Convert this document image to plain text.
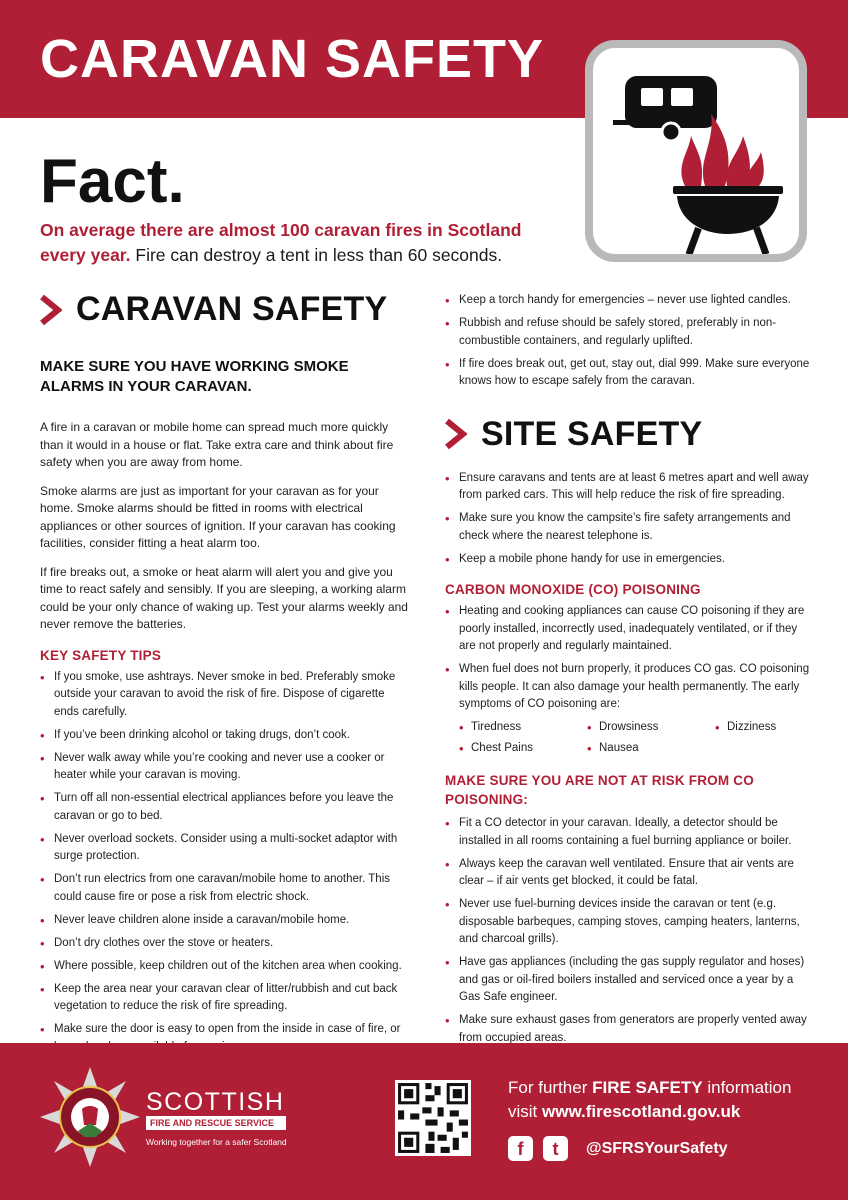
CARAVAN SAFETY
Fact.
On average there are almost 100 caravan fires in Scotland every year. Fire can destroy a tent in less than 60 seconds.
CARAVAN SAFETY
MAKE SURE YOU HAVE WORKING SMOKE ALARMS IN YOUR CARAVAN.

A fire in a caravan or mobile home can spread much more quickly than it would in a house or flat. Take extra care and think about fire safety when you are away from home.

Smoke alarms are just as important for your caravan as for your home. Smoke alarms should be fitted in rooms with electrical appliances or other sources of ignition. If your caravan has cooking facilities, consider fitting a heat alarm too.

If fire breaks out, a smoke or heat alarm will alert you and give you time to react safely and sensibly. If you are sleeping, a working alarm could be your only chance of waking up. Test your alarms weekly and never remove the batteries.

KEY SAFETY TIPS
• If you smoke, use ashtrays. Never smoke in bed. Preferably smoke outside your caravan to avoid the risk of fire. Dispose of cigarette ends carefully.
• If you’ve been drinking alcohol or taking drugs, don’t cook.
• Never walk away while you’re cooking and never use a cooker or heater while your caravan is moving.
• Turn off all non-essential electrical appliances before you leave the caravan or go to bed.
• Never overload sockets. Consider using a multi-socket adaptor with surge protection.
• Don’t run electrics from one caravan/mobile home to another. This could cause fire or pose a risk from electric shock.
• Never leave children alone inside a caravan/mobile home.
• Don’t dry clothes over the stove or heaters.
• Where possible, keep children out of the kitchen area when cooking.
• Keep the area near your caravan clear of litter/rubbish and cut back vegetation to reduce the risk of fire spreading.
• Make sure the door is easy to open from the inside in case of fire, or
• Keep a torch handy for emergencies – never use lighted candles.
• Rubbish and refuse should be safely stored, preferably in non-combustible containers, and regularly uplifted.
• If fire does break out, get out, stay out, dial 999. Make sure everyone knows how to escape safely from the caravan.
SITE SAFETY
• Ensure caravans and tents are at least 6 metres apart and well away from parked cars. This will help reduce the risk of fire spreading.
• Make sure you know the campsite’s fire safety arrangements and check where the nearest telephone is.
• Keep a mobile phone handy for use in emergencies.
CARBON MONOXIDE (CO) POISONING
• Heating and cooking appliances can cause CO poisoning if they are poorly installed, incorrectly used, inadequately ventilated, or if they are not properly and regularly maintained.
• When fuel does not burn properly, it produces CO gas. CO poisoning kills people. It can also damage your health permanently. The early symptoms of CO poisoning are:
• Tiredness	• Drowsiness	• Dizziness
• Chest Pains	• Nausea
MAKE SURE YOU ARE NOT AT RISK FROM CO POISONING:
• Fit a CO detector in your caravan. Ideally, a detector should be installed in all rooms containing a fuel burning appliance or boiler.
• Always keep the caravan well ventilated. Ensure that air vents are clear – if air vents get blocked, it could be fatal.
• Never use fuel-burning devices inside the caravan or tent (e.g. disposable barbeques, camping stoves, camping heaters, lanterns, and charcoal grills).
• Have gas appliances (including the gas supply regulator and hoses) and gas or oil-fired boilers installed and serviced once a year by a Gas Safe engineer.
• Make sure exhaust gases from generators are properly vented away from occupied areas.
SCOTTISH
FIRE AND RESCUE SERVICE
Working together for a safer Scotland
For further FIRE SAFETY information
visit www.firescotland.gov.uk
f	t	@SFRSYourSafety
